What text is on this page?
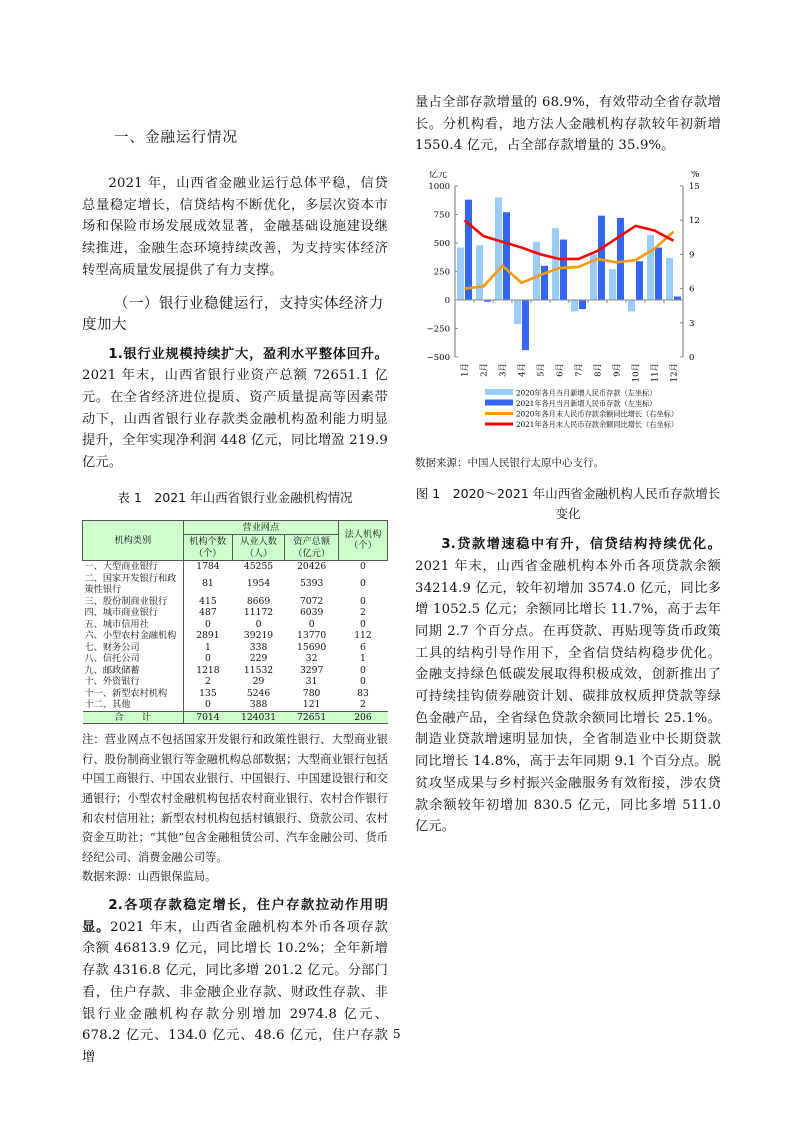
一、金融运行情况

2021 年，山西省金融业运行总体平稳，信贷总量稳定增长，信贷结构不断优化，多层次资本市场和保险市场发展成效显著，金融基础设施建设继续推进，金融生态环境持续改善，为支持实体经济转型高质量发展提供了有力支撑。

（一）银行业稳健运行，支持实体经济力度加大

1.银行业规模持续扩大，盈利水平整体回升。2021 年末，山西省银行业资产总额 72651.1 亿元。在全省经济进位提质、资产质量提高等因素带动下，山西省银行业存款类金融机构盈利能力明显提升，全年实现净利润 448 亿元，同比增盈 219.9 亿元。

表 1　2021 年山西省银行业金融机构情况
机构类别	营业网点			法人机构（个）
	机构个数（个）	从业人数（人）	资产总额（亿元）	
一、大型商业银行	1784	45255	20426	0
二、国家开发银行和政策性银行	81	1954	5393	0
三、股份制商业银行	415	8669	7072	0
四、城市商业银行	487	11172	6039	2
五、城市信用社	0	0	0	0
六、小型农村金融机构	2891	39219	13770	112
七、财务公司	1	338	15690	6
八、信托公司	0	229	32	1
九、邮政储蓄	1218	11532	3297	0
十、外资银行	2	29	31	0
十一、新型农村机构	135	5246	780	83
十二、其他	0	388	121	2
合　　计	7014	124031	72651	206
注：营业网点不包括国家开发银行和政策性银行、大型商业银行、股份制商业银行等金融机构总部数据；大型商业银行包括中国工商银行、中国农业银行、中国银行、中国建设银行和交通银行；小型农村金融机构包括农村商业银行、农村合作银行和农村信用社；新型农村机构包括村镇银行、贷款公司、农村资金互助社；“其他”包含金融租赁公司、汽车金融公司、货币经纪公司、消费金融公司等。
数据来源：山西银保监局。

2.各项存款稳定增长，住户存款拉动作用明显。2021 年末，山西省金融机构本外币各项存款余额 46813.9 亿元，同比增长 10.2%；全年新增存款 4316.8 亿元，同比多增 201.2 亿元。分部门看，住户存款、非金融企业存款、财政性存款、非银行业金融机构存款分别增加 2974.8 亿元、678.2 亿元、134.0 亿元、48.6 亿元，住户存款增

量占全部存款增量的 68.9%，有效带动全省存款增长。分机构看，地方法人金融机构存款较年初新增 1550.4 亿元，占全部存款增量的 35.9%。

亿元	%
1000
750
500
250
0
−250
−500
15
12
9
6
3
0
1月 2月 3月 4月 5月 6月 7月 8月 9月 10月 11月 12月
2020年各月当月新增人民币存款（左坐标）
2021年各月当月新增人民币存款（左坐标）
2020年各月末人民币存款余额同比增长（右坐标）
2021年各月末人民币存款余额同比增长（右坐标）
数据来源：中国人民银行太原中心支行。
图 1　2020～2021 年山西省金融机构人民币存款增长变化

3.贷款增速稳中有升，信贷结构持续优化。2021 年末，山西省金融机构本外币各项贷款余额 34214.9 亿元，较年初增加 3574.0 亿元，同比多增 1052.5 亿元；余额同比增长 11.7%，高于去年同期 2.7 个百分点。在再贷款、再贴现等货币政策工具的结构引导作用下，全省信贷结构稳步优化。金融支持绿色低碳发展取得积极成效，创新推出了可持续挂钩债券融资计划、碳排放权质押贷款等绿色金融产品，全省绿色贷款余额同比增长 25.1%。制造业贷款增速明显加快，全省制造业中长期贷款同比增长 14.8%，高于去年同期 9.1 个百分点。脱贫攻坚成果与乡村振兴金融服务有效衔接，涉农贷款余额较年初增加 830.5 亿元，同比多增 511.0 亿元。

5
